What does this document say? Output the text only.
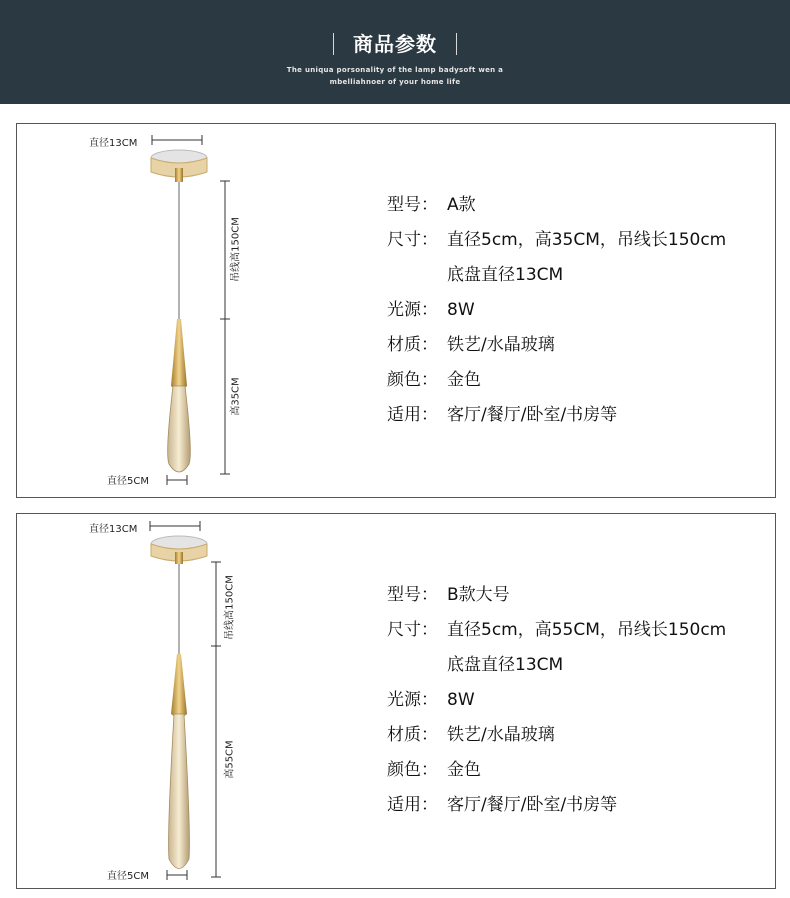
商品参数
The uniqua porsonality of the lamp badysoft wen a
mbelliahnoer of your home life
直径13CM
吊线高150CM
高35CM
直径5CM
型号： A款
尺寸： 直径5cm，高35CM，吊线长150cm
底盘直径13CM
光源： 8W
材质： 铁艺/水晶玻璃
颜色： 金色
适用： 客厅/餐厅/卧室/书房等
直径13CM
吊线高150CM
高55CM
直径5CM
型号： B款大号
尺寸： 直径5cm，高55CM，吊线长150cm
底盘直径13CM
光源： 8W
材质： 铁艺/水晶玻璃
颜色： 金色
适用： 客厅/餐厅/卧室/书房等
